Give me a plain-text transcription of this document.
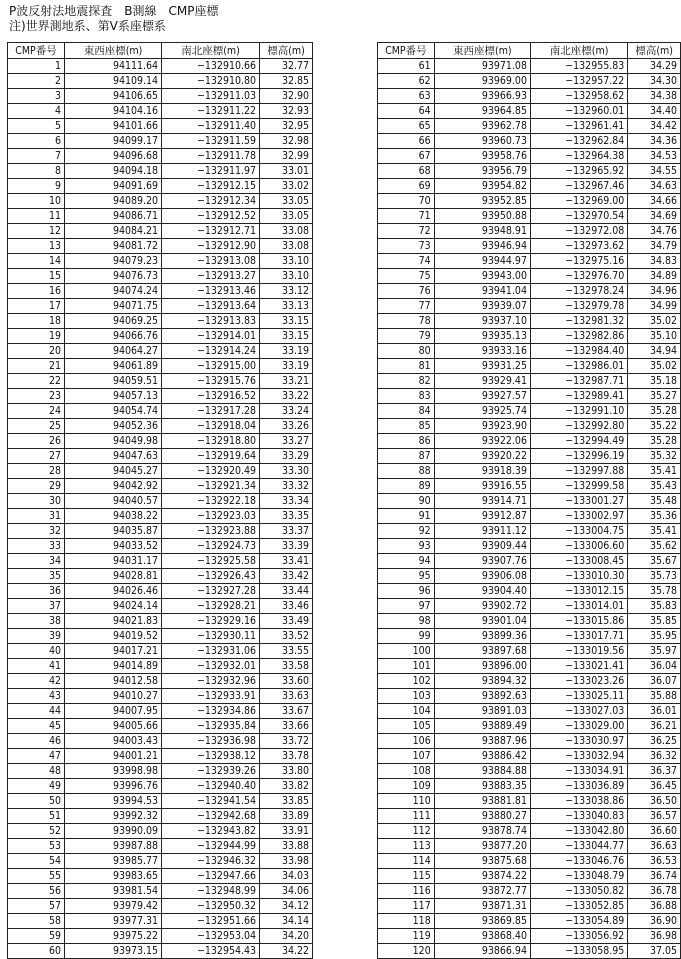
P波反射法地震探査　B測線　CMP座標
注)世界測地系、第Ⅴ系座標系
CMP番号	東西座標(m)	南北座標(m)	標高(m)
1	94111.64	−132910.66	32.77
2	94109.14	−132910.80	32.85
3	94106.65	−132911.03	32.90
4	94104.16	−132911.22	32.93
5	94101.66	−132911.40	32.95
6	94099.17	−132911.59	32.98
7	94096.68	−132911.78	32.99
8	94094.18	−132911.97	33.01
9	94091.69	−132912.15	33.02
10	94089.20	−132912.34	33.05
11	94086.71	−132912.52	33.05
12	94084.21	−132912.71	33.08
13	94081.72	−132912.90	33.08
14	94079.23	−132913.08	33.10
15	94076.73	−132913.27	33.10
16	94074.24	−132913.46	33.12
17	94071.75	−132913.64	33.13
18	94069.25	−132913.83	33.15
19	94066.76	−132914.01	33.15
20	94064.27	−132914.24	33.19
21	94061.89	−132915.00	33.19
22	94059.51	−132915.76	33.21
23	94057.13	−132916.52	33.22
24	94054.74	−132917.28	33.24
25	94052.36	−132918.04	33.26
26	94049.98	−132918.80	33.27
27	94047.63	−132919.64	33.29
28	94045.27	−132920.49	33.30
29	94042.92	−132921.34	33.32
30	94040.57	−132922.18	33.34
31	94038.22	−132923.03	33.35
32	94035.87	−132923.88	33.37
33	94033.52	−132924.73	33.39
34	94031.17	−132925.58	33.41
35	94028.81	−132926.43	33.42
36	94026.46	−132927.28	33.44
37	94024.14	−132928.21	33.46
38	94021.83	−132929.16	33.49
39	94019.52	−132930.11	33.52
40	94017.21	−132931.06	33.55
41	94014.89	−132932.01	33.58
42	94012.58	−132932.96	33.60
43	94010.27	−132933.91	33.63
44	94007.95	−132934.86	33.67
45	94005.66	−132935.84	33.66
46	94003.43	−132936.98	33.72
47	94001.21	−132938.12	33.78
48	93998.98	−132939.26	33.80
49	93996.76	−132940.40	33.82
50	93994.53	−132941.54	33.85
51	93992.32	−132942.68	33.89
52	93990.09	−132943.82	33.91
53	93987.88	−132944.99	33.88
54	93985.77	−132946.32	33.98
55	93983.65	−132947.66	34.03
56	93981.54	−132948.99	34.06
57	93979.42	−132950.32	34.12
58	93977.31	−132951.66	34.14
59	93975.22	−132953.04	34.20
60	93973.15	−132954.43	34.22
CMP番号	東西座標(m)	南北座標(m)	標高(m)
61	93971.08	−132955.83	34.29
62	93969.00	−132957.22	34.30
63	93966.93	−132958.62	34.38
64	93964.85	−132960.01	34.40
65	93962.78	−132961.41	34.42
66	93960.73	−132962.84	34.36
67	93958.76	−132964.38	34.53
68	93956.79	−132965.92	34.55
69	93954.82	−132967.46	34.63
70	93952.85	−132969.00	34.66
71	93950.88	−132970.54	34.69
72	93948.91	−132972.08	34.76
73	93946.94	−132973.62	34.79
74	93944.97	−132975.16	34.83
75	93943.00	−132976.70	34.89
76	93941.04	−132978.24	34.96
77	93939.07	−132979.78	34.99
78	93937.10	−132981.32	35.02
79	93935.13	−132982.86	35.10
80	93933.16	−132984.40	34.94
81	93931.25	−132986.01	35.02
82	93929.41	−132987.71	35.18
83	93927.57	−132989.41	35.27
84	93925.74	−132991.10	35.28
85	93923.90	−132992.80	35.22
86	93922.06	−132994.49	35.28
87	93920.22	−132996.19	35.32
88	93918.39	−132997.88	35.41
89	93916.55	−132999.58	35.43
90	93914.71	−133001.27	35.48
91	93912.87	−133002.97	35.36
92	93911.12	−133004.75	35.41
93	93909.44	−133006.60	35.62
94	93907.76	−133008.45	35.67
95	93906.08	−133010.30	35.73
96	93904.40	−133012.15	35.78
97	93902.72	−133014.01	35.83
98	93901.04	−133015.86	35.85
99	93899.36	−133017.71	35.95
100	93897.68	−133019.56	35.97
101	93896.00	−133021.41	36.04
102	93894.32	−133023.26	36.07
103	93892.63	−133025.11	35.88
104	93891.03	−133027.03	36.01
105	93889.49	−133029.00	36.21
106	93887.96	−133030.97	36.25
107	93886.42	−133032.94	36.32
108	93884.88	−133034.91	36.37
109	93883.35	−133036.89	36.45
110	93881.81	−133038.86	36.50
111	93880.27	−133040.83	36.57
112	93878.74	−133042.80	36.60
113	93877.20	−133044.77	36.63
114	93875.68	−133046.76	36.53
115	93874.22	−133048.79	36.74
116	93872.77	−133050.82	36.78
117	93871.31	−133052.85	36.88
118	93869.85	−133054.89	36.90
119	93868.40	−133056.92	36.98
120	93866.94	−133058.95	37.05
